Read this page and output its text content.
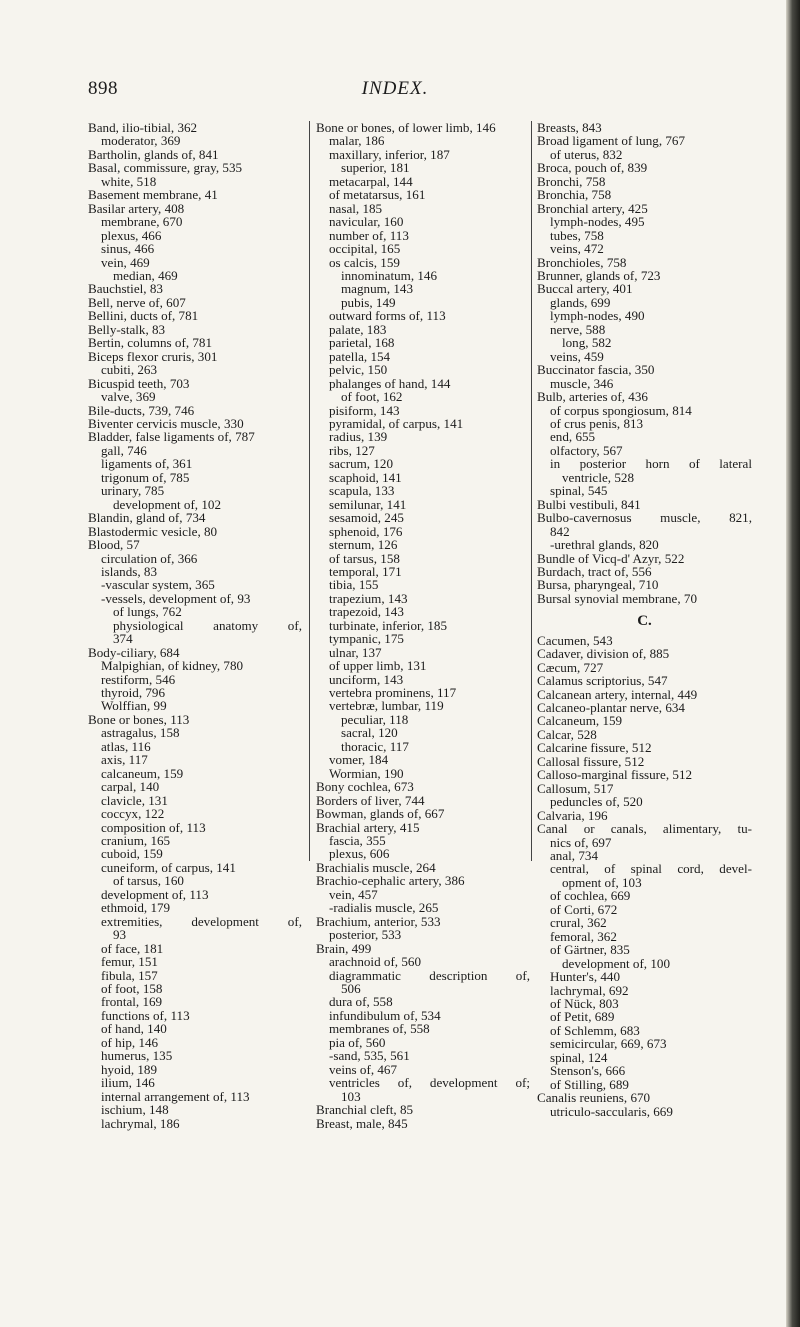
898	INDEX.
Band, ilio-tibial, 362
moderator, 369
Bartholin, glands of, 841
Basal, commissure, gray, 535
white, 518
Basement membrane, 41
Basilar artery, 408
membrane, 670
plexus, 466
sinus, 466
vein, 469
median, 469
Bauchstiel, 83
Bell, nerve of, 607
Bellini, ducts of, 781
Belly-stalk, 83
Bertin, columns of, 781
Biceps flexor cruris, 301
cubiti, 263
Bicuspid teeth, 703
valve, 369
Bile-ducts, 739, 746
Biventer cervicis muscle, 330
Bladder, false ligaments of, 787
gall, 746
ligaments of, 361
trigonum of, 785
urinary, 785
development of, 102
Blandin, gland of, 734
Blastodermic vesicle, 80
Blood, 57
circulation of, 366
islands, 83
-vascular system, 365
-vessels, development of, 93
of lungs, 762
physiological anatomy of,
374
Body-ciliary, 684
Malpighian, of kidney, 780
restiform, 546
thyroid, 796
Wolffian, 99
Bone or bones, 113
astragalus, 158
atlas, 116
axis, 117
calcaneum, 159
carpal, 140
clavicle, 131
coccyx, 122
composition of, 113
cranium, 165
cuboid, 159
cuneiform, of carpus, 141
of tarsus, 160
development of, 113
ethmoid, 179
extremities, development of,
93
of face, 181
femur, 151
fibula, 157
of foot, 158
frontal, 169
functions of, 113
of hand, 140
of hip, 146
humerus, 135
hyoid, 189
ilium, 146
internal arrangement of, 113
ischium, 148
lachrymal, 186
Bone or bones, of lower limb, 146
malar, 186
maxillary, inferior, 187
superior, 181
metacarpal, 144
of metatarsus, 161
nasal, 185
navicular, 160
number of, 113
occipital, 165
os calcis, 159
innominatum, 146
magnum, 143
pubis, 149
outward forms of, 113
palate, 183
parietal, 168
patella, 154
pelvic, 150
phalanges of hand, 144
of foot, 162
pisiform, 143
pyramidal, of carpus, 141
radius, 139
ribs, 127
sacrum, 120
scaphoid, 141
scapula, 133
semilunar, 141
sesamoid, 245
sphenoid, 176
sternum, 126
of tarsus, 158
temporal, 171
tibia, 155
trapezium, 143
trapezoid, 143
turbinate, inferior, 185
tympanic, 175
ulnar, 137
of upper limb, 131
unciform, 143
vertebra prominens, 117
vertebræ, lumbar, 119
peculiar, 118
sacral, 120
thoracic, 117
vomer, 184
Wormian, 190
Bony cochlea, 673
Borders of liver, 744
Bowman, glands of, 667
Brachial artery, 415
fascia, 355
plexus, 606
Brachialis muscle, 264
Brachio-cephalic artery, 386
vein, 457
-radialis muscle, 265
Brachium, anterior, 533
posterior, 533
Brain, 499
arachnoid of, 560
diagrammatic description of,
506
dura of, 558
infundibulum of, 534
membranes of, 558
pia of, 560
-sand, 535, 561
veins of, 467
ventricles of, development of;
103
Branchial cleft, 85
Breast, male, 845
Breasts, 843
Broad ligament of lung, 767
of uterus, 832
Broca, pouch of, 839
Bronchi, 758
Bronchia, 758
Bronchial artery, 425
lymph-nodes, 495
tubes, 758
veins, 472
Bronchioles, 758
Brunner, glands of, 723
Buccal artery, 401
glands, 699
lymph-nodes, 490
nerve, 588
long, 582
veins, 459
Buccinator fascia, 350
muscle, 346
Bulb, arteries of, 436
of corpus spongiosum, 814
of crus penis, 813
end, 655
olfactory, 567
in posterior horn of lateral
ventricle, 528
spinal, 545
Bulbi vestibuli, 841
Bulbo-cavernosus muscle, 821,
842
-urethral glands, 820
Bundle of Vicq-d' Azyr, 522
Burdach, tract of, 556
Bursa, pharyngeal, 710
Bursal synovial membrane, 70
C.
Cacumen, 543
Cadaver, division of, 885
Cæcum, 727
Calamus scriptorius, 547
Calcanean artery, internal, 449
Calcaneo-plantar nerve, 634
Calcaneum, 159
Calcar, 528
Calcarine fissure, 512
Callosal fissure, 512
Calloso-marginal fissure, 512
Callosum, 517
peduncles of, 520
Calvaria, 196
Canal or canals, alimentary, tu-
nics of, 697
anal, 734
central, of spinal cord, devel-
opment of, 103
of cochlea, 669
of Corti, 672
crural, 362
femoral, 362
of Gärtner, 835
development of, 100
Hunter's, 440
lachrymal, 692
of Nück, 803
of Petit, 689
of Schlemm, 683
semicircular, 669, 673
spinal, 124
Stenson's, 666
of Stilling, 689
Canalis reuniens, 670
utriculo-saccularis, 669
